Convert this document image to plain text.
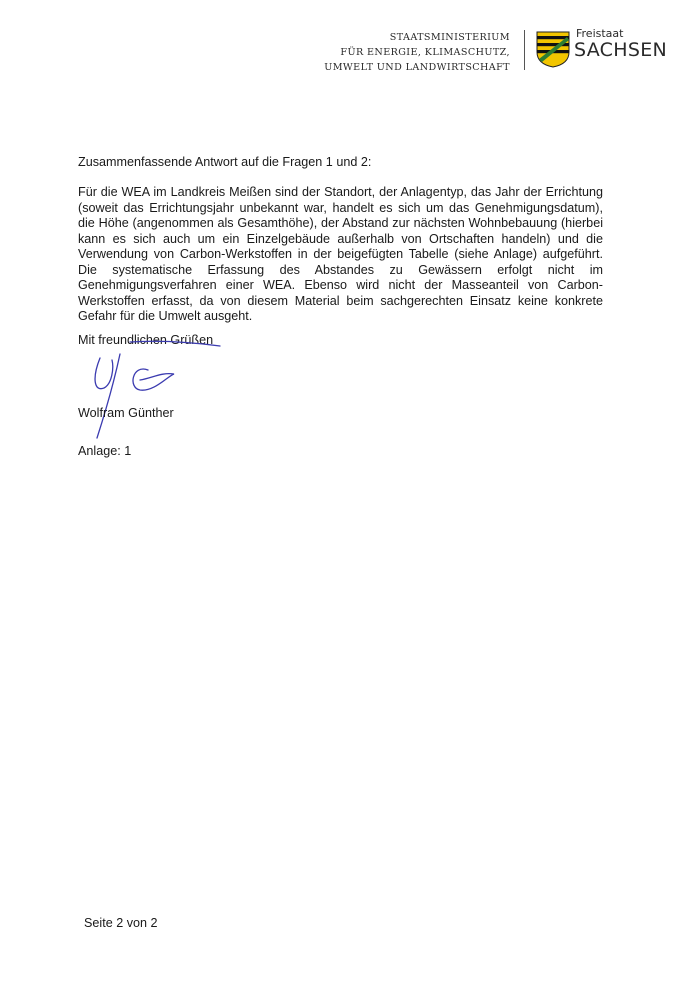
STAATSMINISTERIUM
FÜR ENERGIE, KLIMASCHUTZ,
UMWELT UND LANDWIRTSCHAFT
Freistaat
SACHSEN
Zusammenfassende Antwort auf die Fragen 1 und 2:
Für die WEA im Landkreis Meißen sind der Standort, der Anlagentyp, das Jahr der Errichtung (soweit das Errichtungsjahr unbekannt war, handelt es sich um das Genehmigungsdatum), die Höhe (angenommen als Gesamthöhe), der Abstand zur nächsten Wohnbebauung (hierbei kann es sich auch um ein Einzelgebäude außerhalb von Ortschaften handeln) und die Verwendung von Carbon-Werkstoffen in der beigefügten Tabelle (siehe Anlage) aufgeführt. Die systematische Erfassung des Abstandes zu Gewässern erfolgt nicht im Genehmigungsverfahren einer WEA. Ebenso wird nicht der Masseanteil von Carbon-Werkstoffen erfasst, da von diesem Material beim sachgerechten Einsatz keine konkrete Gefahr für die Umwelt ausgeht.
Mit freundlichen Grüßen
Wolfram Günther
Anlage: 1
Seite 2 von 2
